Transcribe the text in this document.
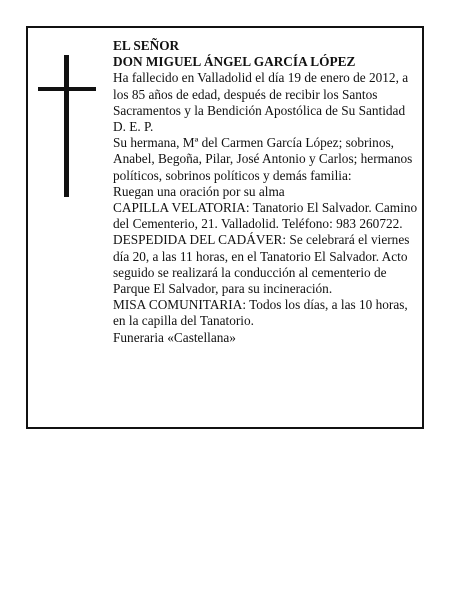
EL SEÑOR

DON MIGUEL ÁNGEL GARCÍA LÓPEZ

Ha fallecido en Valladolid el día 19 de enero de 2012, a los 85 años de edad, después de recibir los Santos Sacramentos y la Bendición Apostólica de Su Santidad

D. E. P.

Su hermana, Mª del Carmen García López; sobrinos, Anabel, Begoña, Pilar, José Antonio y Carlos; hermanos políticos, sobrinos políticos y demás familia:

Ruegan una oración por su alma

CAPILLA VELATORIA: Tanatorio El Salvador. Camino del Cementerio, 21. Valladolid. Teléfono: 983 260722.

DESPEDIDA DEL CADÁVER: Se celebrará el viernes día 20, a las 11 horas, en el Tanatorio El Salvador. Acto seguido se realizará la conducción al cementerio de Parque El Salvador, para su incineración.

MISA COMUNITARIA: Todos los días, a las 10 horas, en la capilla del Tanatorio.

Funeraria «Castellana»
